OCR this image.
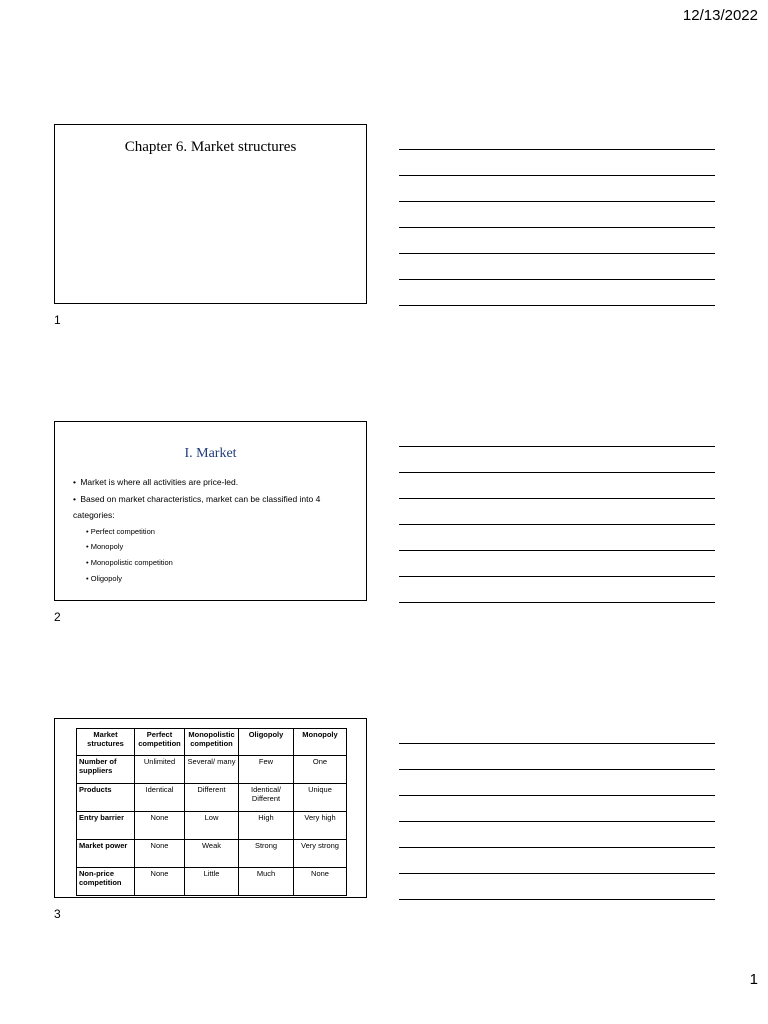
12/13/2022
Chapter 6. Market structures
1
I. Market
• Market is where all activities are price-led.
• Based on market characteristics, market can be classified into 4 categories:
• Perfect competition
• Monopoly
• Monopolistic competition
• Oligopoly
2
Market structures	Perfect competition	Monopolistic competition	Oligopoly	Monopoly
Number of suppliers	Unlimited	Several/ many	Few	One
Products	Identical	Different	Identical/ Different	Unique
Entry barrier	None	Low	High	Very high
Market power	None	Weak	Strong	Very strong
Non-price competition	None	Little	Much	None
3
1
